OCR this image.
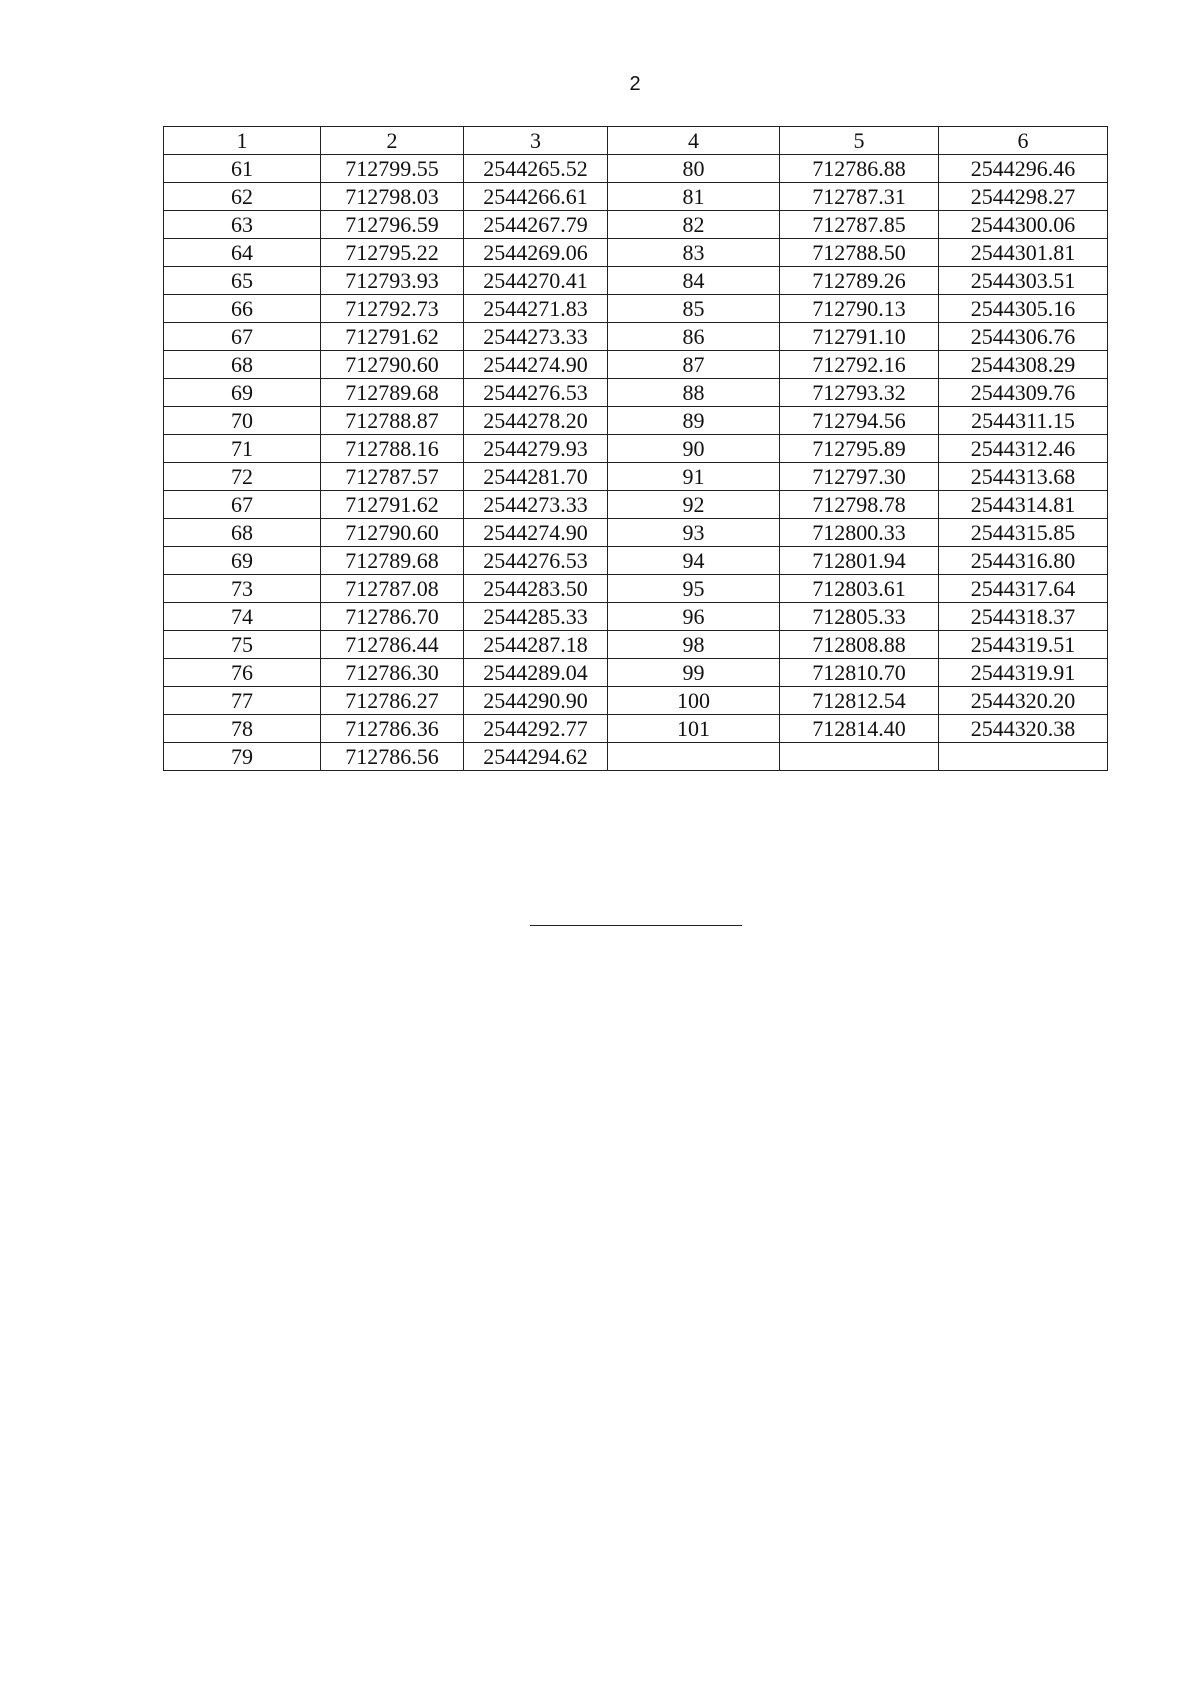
2
1	2	3	4	5	6
61	712799.55	2544265.52	80	712786.88	2544296.46
62	712798.03	2544266.61	81	712787.31	2544298.27
63	712796.59	2544267.79	82	712787.85	2544300.06
64	712795.22	2544269.06	83	712788.50	2544301.81
65	712793.93	2544270.41	84	712789.26	2544303.51
66	712792.73	2544271.83	85	712790.13	2544305.16
67	712791.62	2544273.33	86	712791.10	2544306.76
68	712790.60	2544274.90	87	712792.16	2544308.29
69	712789.68	2544276.53	88	712793.32	2544309.76
70	712788.87	2544278.20	89	712794.56	2544311.15
71	712788.16	2544279.93	90	712795.89	2544312.46
72	712787.57	2544281.70	91	712797.30	2544313.68
67	712791.62	2544273.33	92	712798.78	2544314.81
68	712790.60	2544274.90	93	712800.33	2544315.85
69	712789.68	2544276.53	94	712801.94	2544316.80
73	712787.08	2544283.50	95	712803.61	2544317.64
74	712786.70	2544285.33	96	712805.33	2544318.37
75	712786.44	2544287.18	98	712808.88	2544319.51
76	712786.30	2544289.04	99	712810.70	2544319.91
77	712786.27	2544290.90	100	712812.54	2544320.20
78	712786.36	2544292.77	101	712814.40	2544320.38
79	712786.56	2544294.62			
